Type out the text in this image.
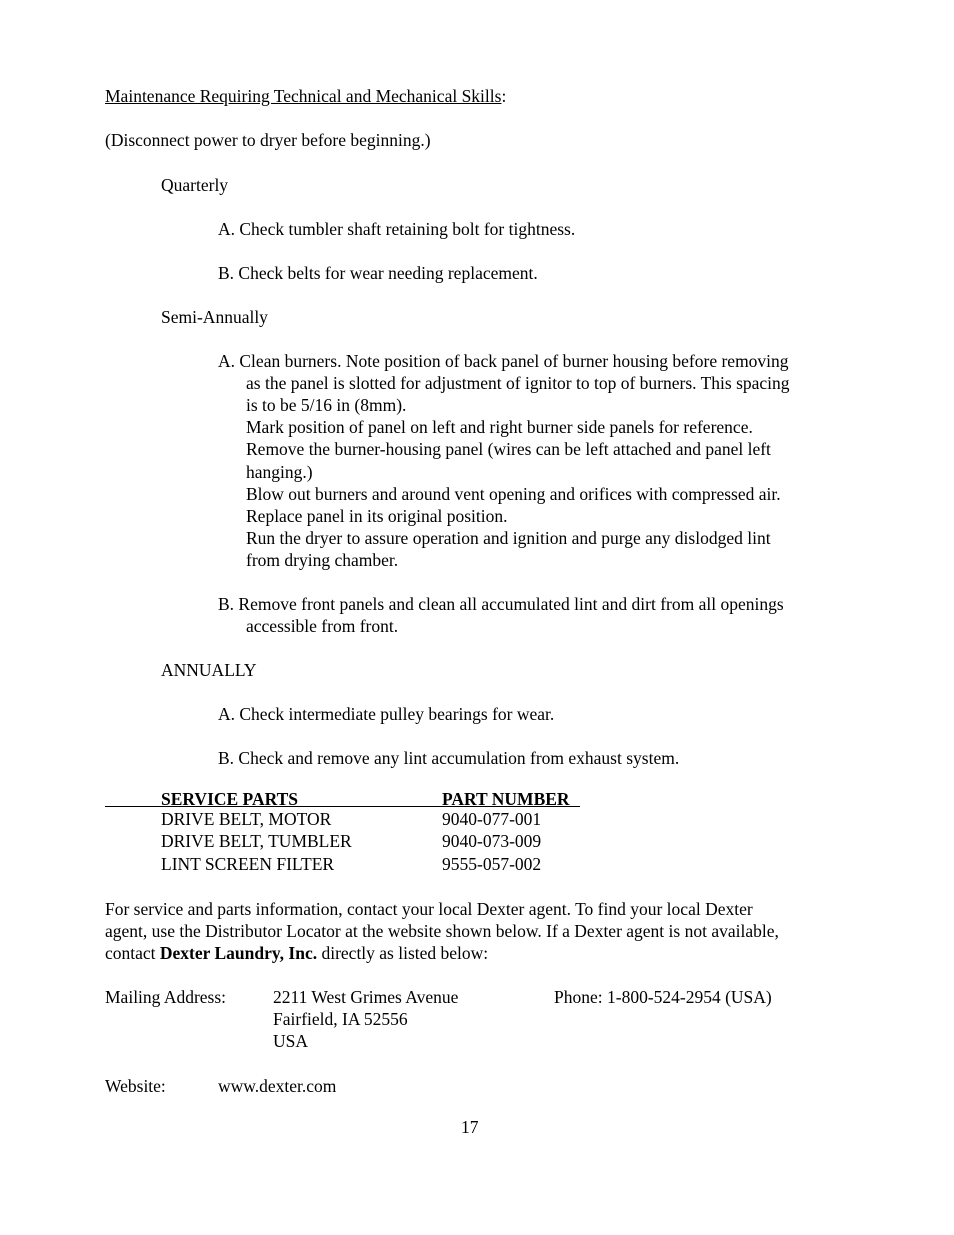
Maintenance Requiring Technical and Mechanical Skills:
(Disconnect power to dryer before beginning.)
Quarterly
A. Check tumbler shaft retaining bolt for tightness.
B. Check belts for wear needing replacement.
Semi-Annually
A. Clean burners. Note position of back panel of burner housing before removing
as the panel is slotted for adjustment of ignitor to top of burners. This spacing
is to be 5/16 in (8mm).
Mark position of panel on left and right burner side panels for reference.
Remove the burner-housing panel (wires can be left attached and panel left
hanging.)
Blow out burners and around vent opening and orifices with compressed air.
Replace panel in its original position.
Run the dryer to assure operation and ignition and purge any dislodged lint
from drying chamber.
B. Remove front panels and clean all accumulated lint and dirt from all openings
accessible from front.
ANNUALLY
A. Check intermediate pulley bearings for wear.
B. Check and remove any lint accumulation from exhaust system.
SERVICE PARTS	PART NUMBER
DRIVE BELT, MOTOR	9040-077-001
DRIVE BELT, TUMBLER	9040-073-009
LINT SCREEN FILTER	9555-057-002
For service and parts information, contact your local Dexter agent. To find your local Dexter
agent, use the Distributor Locator at the website shown below. If a Dexter agent is not available,
contact Dexter Laundry, Inc. directly as listed below:
Mailing Address:	2211 West Grimes Avenue
Fairfield, IA 52556
USA
Phone: 1-800-524-2954 (USA)
Website:	www.dexter.com
17
